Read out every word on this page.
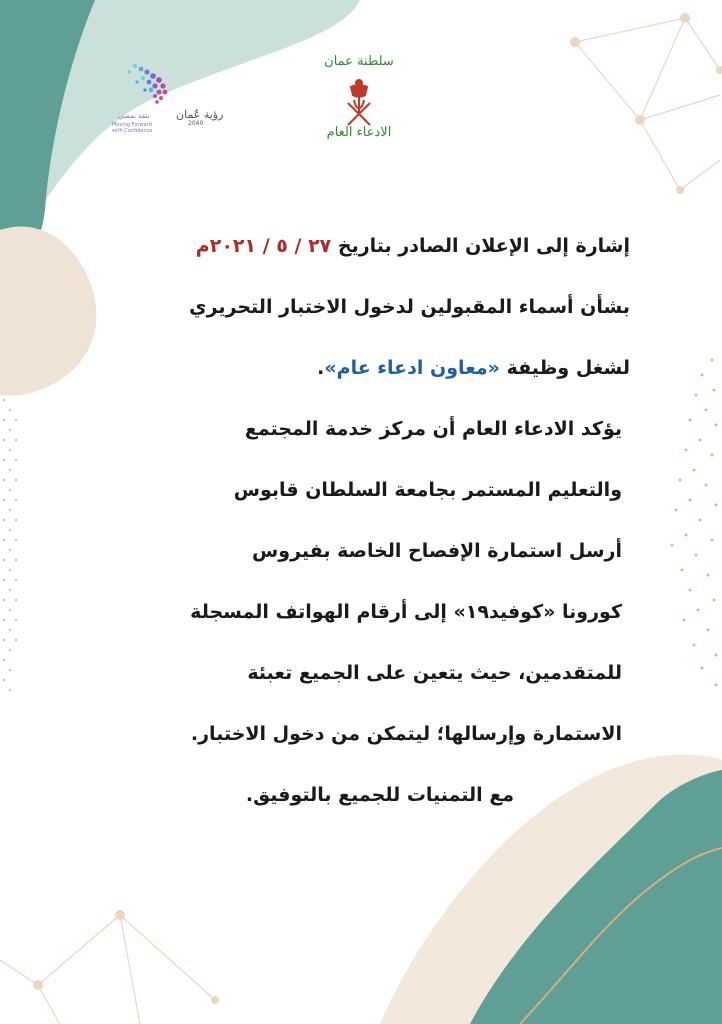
رؤية عُمان
2040
بثقة نمضي
Moving Forward
with Confidence
سلطنة عمان
الادعاء العام
إشارة إلى الإعلان الصادر بتاريخ ٢٧ / ٥ / ٢٠٢١م
بشأن أسماء المقبولين لدخول الاختبار التحريري
لشغل وظيفة «معاون ادعاء عام».
يؤكد الادعاء العام أن مركز خدمة المجتمع
والتعليم المستمر بجامعة السلطان قابوس
أرسل استمارة الإفصاح الخاصة بفيروس
كورونا «كوفيد١٩» إلى أرقام الهواتف المسجلة
للمتقدمين، حيث يتعين على الجميع تعبئة
الاستمارة وإرسالها؛ ليتمكن من دخول الاختبار.
مع التمنيات للجميع بالتوفيق.
